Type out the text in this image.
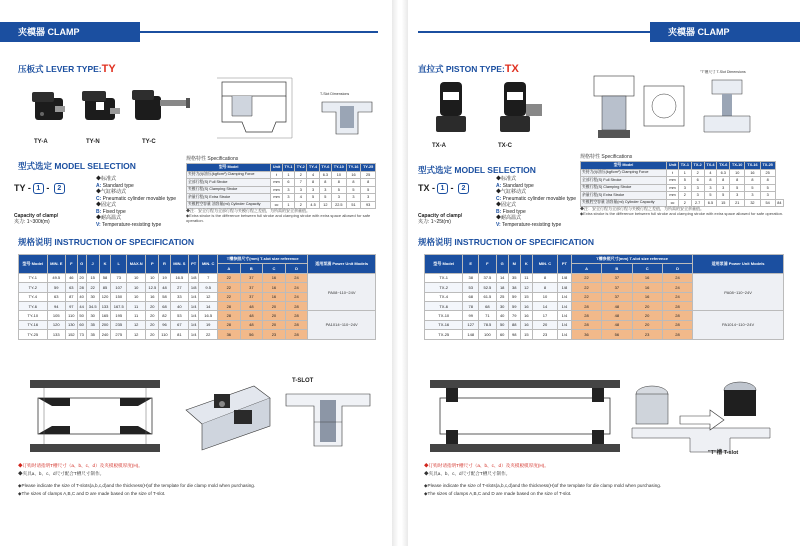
夹模器 CLAMP
压板式 LEVER TYPE:TY
TY-A	TY-N	TY-C
T-Slot Dimensions
规格特性 Specifications
型号 Model	Unit	TY-1	TY-2	TY-4	TY-6	TY-10	TY-16	TY-25
夹持力(t)/油压(kgf/cm²) Clamping Force	t	1	2	4	6.3	10	16	25
全部行程(S) Full Stroke	mm	6	7	8	8	8	8	8
夹模行程(S) Clamping Stroke	mm	3	3	3	3	5	5	5
余量行程(S) Extra Stroke	mm	3	4	5	5	3	3	3
夹模腔空容量 油容量(ml) Cylinder Capacity	cc	1	2	4.5	12	22.5	51	93
◆注：安全行程为全部行程与夹模行程之差值，为所需的安全余量值。
◆Extra stroke is the difference between full stroke and clamping stroke with extra space allowed for safe operation.
型式选定 MODEL SELECTION
TY - 1 - 2
◆标准式
A: Standard type
◆气缸移动式
C: Pneumatic cylinder movable type
◆固定式
B: Fixed type
◆耐高温式
V: Temperature-resisting type
Capacity of clamp/
夹力: 1~300t(m)
规格说明 INSTRUCTION OF SPECIFICATION
型号 Model	MIN. E	F	G	J	K	L	MAX.N	P	R	MIN. S	PT	MIN. C	T槽参照尺寸(mm) T-slot size reference				适用泵浦 Power Unit Models
													A	B	C	D	
TY-1	49.5	46	20	15	58	73	10	10	19	16.5	1/8	7	22	37	16	24	PA08~110~24V
TY-2	59	63	28	22	85	107	10	12.5	48	27	1/8	9.5	22	37	16	24	
TY-4	63	87	40	30	120	150	10	16	58	33	1/4	12	22	37	16	24	
TY-6	94	97	44	34.5	133	167.5	11	20	68	40	1/4	14	28	48	20	28	
TY-10	105	110	50	30	165	195	11	20	82	53	1/4	16.5	28	48	20	28	PA1014~110~24V
TY-16	120	130	60	35	200	235	12	20	96	67	1/4	19	28	48	20	28	
TY-25	133	152	73	35	240	275	12	20	110	81	1/4	22	36	56	23	28	
T-SLOT
◆订购时请指明T槽尺寸（a、b、c、d）及夹模板模厚度(H)。
◆夹具a、b、c、d尺寸配合T槽尺寸制作。
◆Please indicate the size of T-slots(a,b,c,d)and the thickness(H)of the template for die clamp mold when purchasing.
◆The sizes of clamps A,B,C and D are made based on the size of T-slot.
夹模器 CLAMP
直拉式 PISTON TYPE:TX
TX-A	TX-C
"T"槽尺寸 T-Slot Dimensions
规格特性 Specifications
型号 Model	Unit	TX-1	TX-2	TX-4	TX-6	TX-10	TX-16	TX-25	
夹持力(t)/油压(kgf/cm²) Clamping Force	t	1	2	4	6.3	10	16	25	
全部行程(S) Full Stroke	mm	5	6	8	8	8	8	8	
夹模行程(S) Clamping Stroke	mm	3	3	3	3	5	5	5	
余量行程(S) Extra Stroke	mm	2	3	5	5	3	3	3	
夹模腔空容量 油容量(ml) Cylinder Capacity	cc	2	2.7	6.5	15	21	32	54	84
◆注：安全行程为全部行程与夹模行程之差值，为所需的安全余量值。
◆Extra stroke is the difference between full stroke and clamping stroke with extra space allowed for safe operation.
型式选定 MODEL SELECTION
TX - 1 - 2
◆标准式
A: Standard type
◆气缸移动式
C: Pneumatic cylinder movable type
◆固定式
B: Fixed type
◆耐高温式
V: Temperature-resisting type
Capacity of clamp/
夹力: 1~25t(m)
规格说明 INSTRUCTION OF SPECIFICATION
型号 Model	E	F	G	M	K	MIN. C	PT	T槽参照尺寸(mm) T-slot size reference				适用泵浦 Power Unit Models
								A	B	C	D	
TX-1	38	37.5	14	35	11	8	1/8	22	37	16	24	PA08~110~24V
TX-2	53	52.5	18	38	12	8	1/8	22	37	16	24	
TX-4	68	61.5	25	59	15	10	1/4	22	37	16	24	
TX-6	78	68	30	59	16	14	1/4	28	48	20	28	
TX-10	99	71	40	79	16	17	1/4	28	48	20	28	PA1014~110~24V
TX-16	127	78.5	50	88	16	20	1/4	28	48	20	28	
TX-25	148	100	60	98	15	23	1/4	36	56	23	28	
"T"槽 T-slot
◆订购时请指明T槽尺寸（a、b、c、d）及夹模板模厚度(H)。
◆夹具a、b、c、d尺寸配合T槽尺寸制作。
◆Please indicate the size of T-slots(a,b,c,d)and the thickness(H)of the template for die clamp mold when purchasing.
◆The sizes of clamps A,B,C and D are made based on the size of T-slot.
